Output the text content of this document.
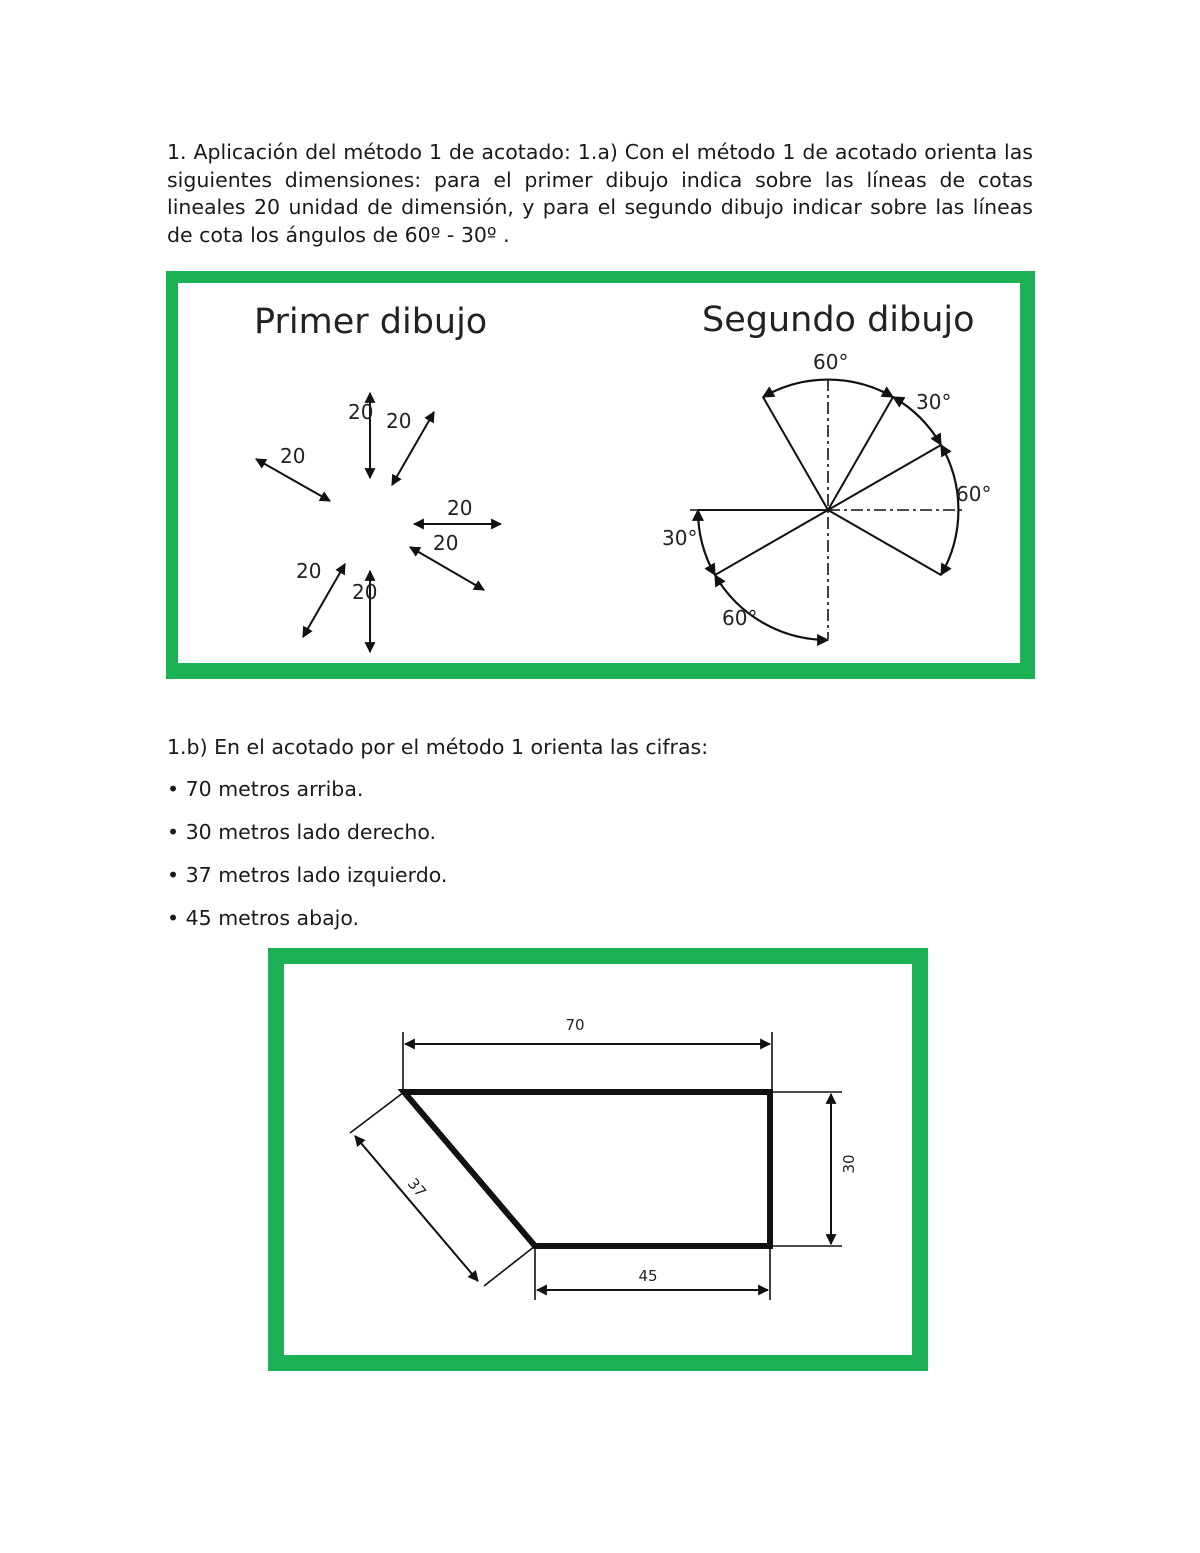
1. Aplicación del método 1 de acotado: 1.a) Con el método 1 de acotado orienta las siguientes dimensiones: para el primer dibujo indica sobre las líneas de cotas lineales 20 unidad de dimensión, y para el segundo dibujo indicar sobre las líneas de cota los ángulos de 60º - 30º .
Primer dibujo	Segundo dibujo
20 20
20
20
20
20
20
60°
30°
60°
30°
60°
1.b) En el acotado por el método 1 orienta las cifras:
• 70 metros arriba.
• 30 metros lado derecho.
• 37 metros lado izquierdo.
• 45 metros abajo.
70
30
45
37
